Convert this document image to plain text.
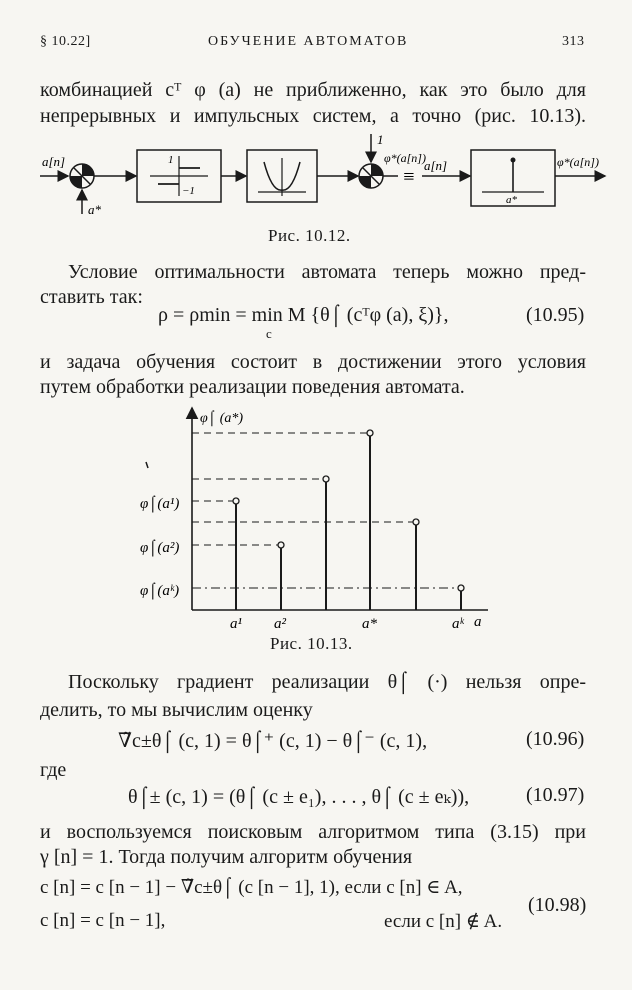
§ 10.22]	ОБУЧЕНИЕ АВТОМАТОВ	313
комбинацией cᵀ φ (a) не приближенно, как это было для
непрерывных и импульсных систем, а точно (рис. 10.13).
a[n]
a*
1
−1
1
φ*(a[n])
≡
a[n]
a*
φ*(a[n])
Рис. 10.12.
Условие оптимальности автомата теперь можно пред-
ставить так:
ρ = ρmin = min M {θ⌠ (cᵀφ (a), ξ)},
c
(10.95)
и задача обучения состоит в достижении этого условия
путем обработки реализации поведения автомата.
φ⌠ (a*)
a
φ⌠(a¹)
φ⌠(a²)
φ⌠(aᵏ)
a¹ a²	a*	aᵏ
Рис. 10.13.
Поскольку градиент реализации θ⌠ (·) нельзя опре-
делить, то мы вычислим оценку
∇̃c±θ⌠ (c, 1) = θ⌠⁺ (c, 1) − θ⌠⁻ (c, 1),	(10.96)
где
θ⌠± (c, 1) = (θ⌠ (c ± e₁), . . . , θ⌠ (c ± eₖ)),	(10.97)
и воспользуемся поисковым алгоритмом типа (3.15) при
γ [n] = 1. Тогда получим алгоритм обучения
c [n] = c [n − 1] − ∇̃c±θ⌠ (c [n − 1], 1), если c [n] ∈ A,
c [n] = c [n − 1],	если c [n] ∉ A.
(10.98)
